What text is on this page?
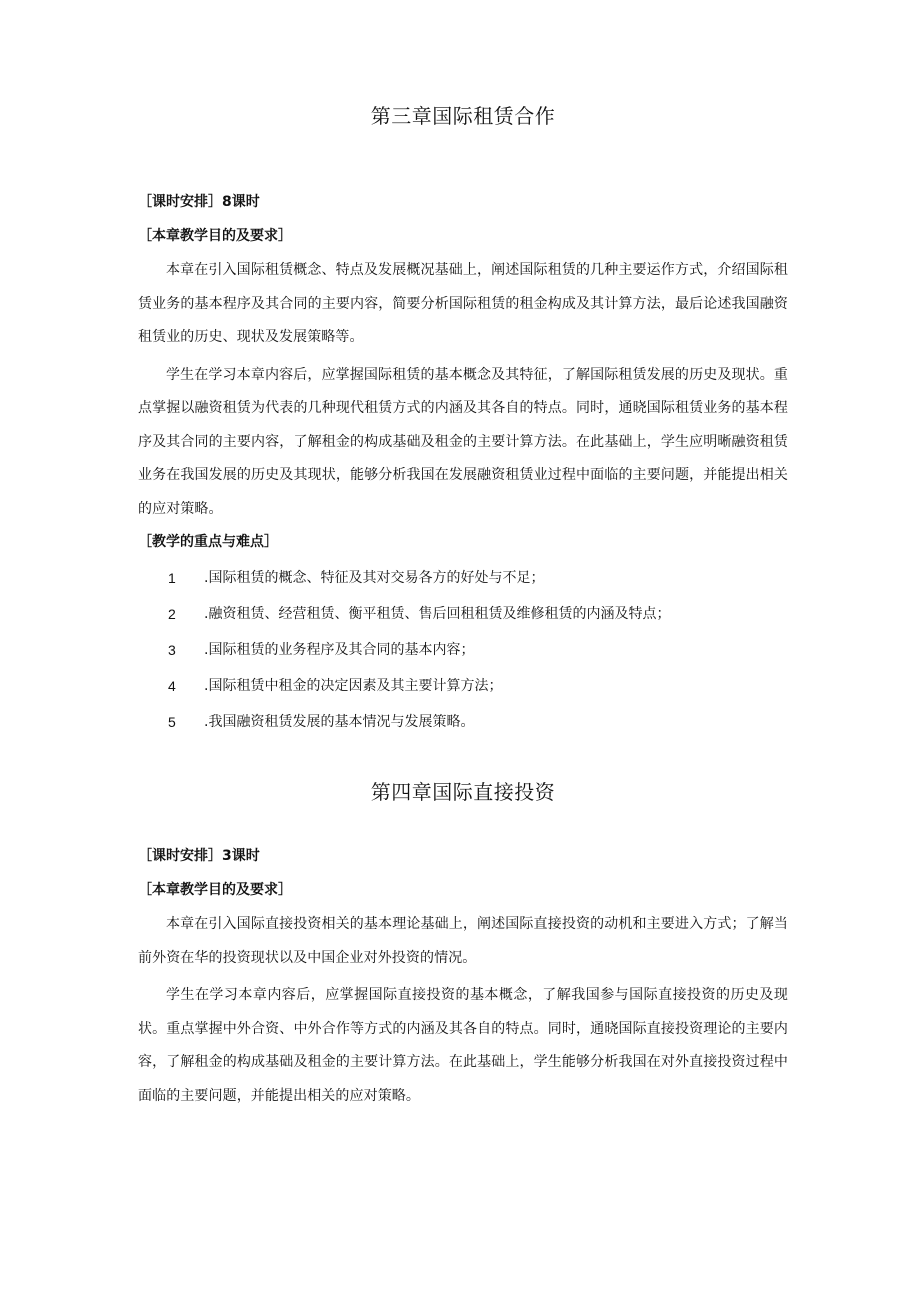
第三章国际租赁合作

［课时安排］8课时

［本章教学目的及要求］

本章在引入国际租赁概念、特点及发展概况基础上，阐述国际租赁的几种主要运作方式，介绍国际租赁业务的基本程序及其合同的主要内容，简要分析国际租赁的租金构成及其计算方法，最后论述我国融资租赁业的历史、现状及发展策略等。

学生在学习本章内容后，应掌握国际租赁的基本概念及其特征，了解国际租赁发展的历史及现状。重点掌握以融资租赁为代表的几种现代租赁方式的内涵及其各自的特点。同时，通晓国际租赁业务的基本程序及其合同的主要内容，了解租金的构成基础及租金的主要计算方法。在此基础上，学生应明晰融资租赁业务在我国发展的历史及其现状，能够分析我国在发展融资租赁业过程中面临的主要问题，并能提出相关的应对策略。

［教学的重点与难点］

1	.国际租赁的概念、特征及其对交易各方的好处与不足；
2	.融资租赁、经营租赁、衡平租赁、售后回租租赁及维修租赁的内涵及特点；
3	.国际租赁的业务程序及其合同的基本内容；
4	.国际租赁中租金的决定因素及其主要计算方法；
5	.我国融资租赁发展的基本情况与发展策略。
第四章国际直接投资

［课时安排］3课时

［本章教学目的及要求］

本章在引入国际直接投资相关的基本理论基础上，阐述国际直接投资的动机和主要进入方式；了解当前外资在华的投资现状以及中国企业对外投资的情况。

学生在学习本章内容后，应掌握国际直接投资的基本概念，了解我国参与国际直接投资的历史及现状。重点掌握中外合资、中外合作等方式的内涵及其各自的特点。同时，通晓国际直接投资理论的主要内容，了解租金的构成基础及租金的主要计算方法。在此基础上，学生能够分析我国在对外直接投资过程中面临的主要问题，并能提出相关的应对策略。
